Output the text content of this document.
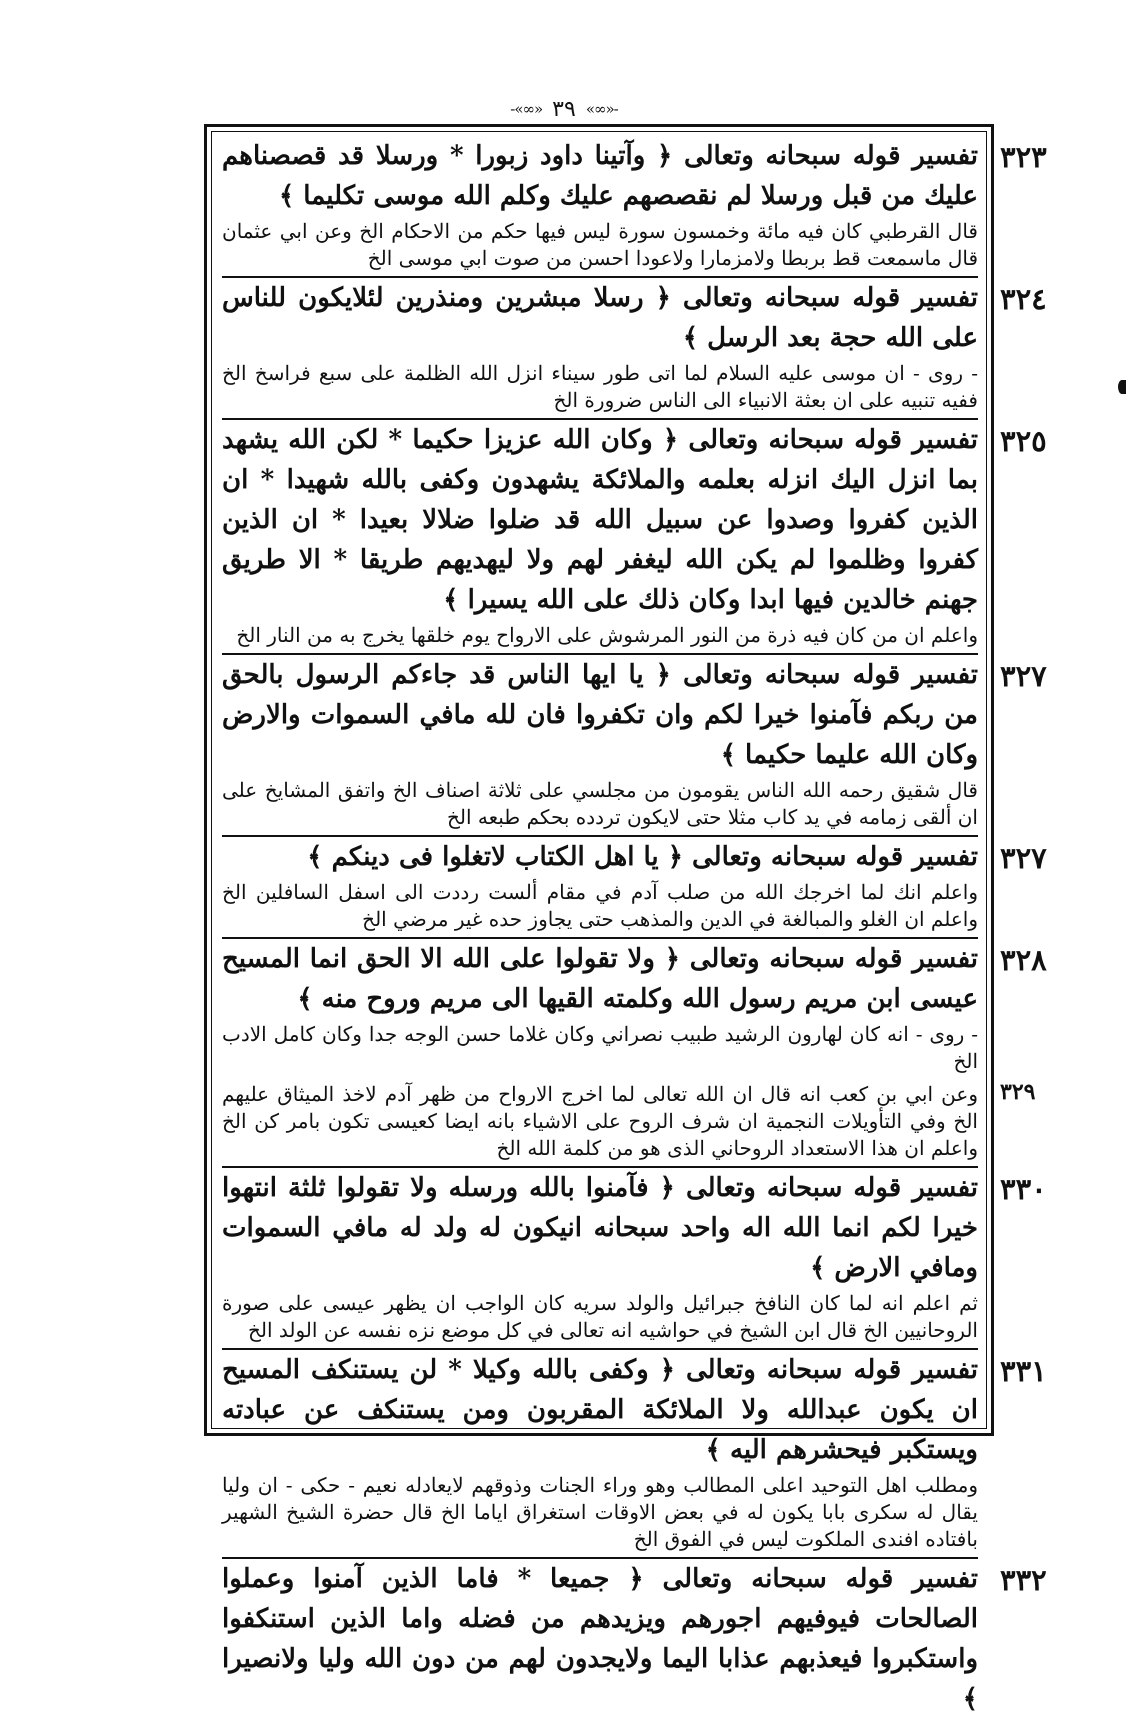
-«∞» ٣٩ «∞»-
٣٢٣

تفسير قوله سبحانه وتعالى ﴿ وآتينا داود زبورا * ورسلا قد قصصناهم عليك من قبل ورسلا لم نقصصهم عليك وكلم الله موسى تكليما ﴾

قال القرطبي كان فيه مائة وخمسون سورة ليس فيها حكم من الاحكام الخ وعن ابي عثمان قال ماسمعت قط بربطا ولامزمارا ولاعودا احسن من صوت ابي موسى الخ

٣٢٤

تفسير قوله سبحانه وتعالى ﴿ رسلا مبشرين ومنذرين لئلايكون للناس على الله حجة بعد الرسل ﴾

- روى - ان موسى عليه السلام لما اتى طور سيناء انزل الله الظلمة على سبع فراسخ الخ ففيه تنبيه على ان بعثة الانبياء الى الناس ضرورة الخ

٣٢٥

تفسير قوله سبحانه وتعالى ﴿ وكان الله عزيزا حكيما * لكن الله يشهد بما انزل اليك انزله بعلمه والملائكة يشهدون وكفى بالله شهيدا * ان الذين كفروا وصدوا عن سبيل الله قد ضلوا ضلالا بعيدا * ان الذين كفروا وظلموا لم يكن الله ليغفر لهم ولا ليهديهم طريقا * الا طريق جهنم خالدين فيها ابدا وكان ذلك على الله يسيرا ﴾

واعلم ان من كان فيه ذرة من النور المرشوش على الارواح يوم خلقها يخرج به من النار الخ

٣٢٧

تفسير قوله سبحانه وتعالى ﴿ يا ايها الناس قد جاءكم الرسول بالحق من ربكم فآمنوا خيرا لكم وان تكفروا فان لله مافي السموات والارض وكان الله عليما حكيما ﴾

قال شقيق رحمه الله الناس يقومون من مجلسي على ثلاثة اصناف الخ واتفق المشايخ على ان ألقى زمامه في يد كاب مثلا حتى لايكون تردده بحكم طبعه الخ

٣٢٧

تفسير قوله سبحانه وتعالى ﴿ يا اهل الكتاب لاتغلوا فى دينكم ﴾

واعلم انك لما اخرجك الله من صلب آدم في مقام ألست رددت الى اسفل السافلين الخ واعلم ان الغلو والمبالغة في الدين والمذهب حتى يجاوز حده غير مرضي الخ

٣٢٨

تفسير قوله سبحانه وتعالى ﴿ ولا تقولوا على الله الا الحق انما المسيح عيسى ابن مريم رسول الله وكلمته القيها الى مريم وروح منه ﴾

- روى - انه كان لهارون الرشيد طبيب نصراني وكان غلاما حسن الوجه جدا وكان كامل الادب الخ

٣٢٩

وعن ابي بن كعب انه قال ان الله تعالى لما اخرج الارواح من ظهر آدم لاخذ الميثاق عليهم الخ وفي التأويلات النجمية ان شرف الروح على الاشياء بانه ايضا كعيسى تكون بامر كن الخ واعلم ان هذا الاستعداد الروحاني الذى هو من كلمة الله الخ

٣٣٠

تفسير قوله سبحانه وتعالى ﴿ فآمنوا بالله ورسله ولا تقولوا ثلثة انتهوا خيرا لكم انما الله اله واحد سبحانه انيكون له ولد له مافي السموات ومافي الارض ﴾

ثم اعلم انه لما كان النافخ جبرائيل والولد سريه كان الواجب ان يظهر عيسى على صورة الروحانيين الخ قال ابن الشيخ في حواشيه انه تعالى في كل موضع نزه نفسه عن الولد الخ

٣٣١

تفسير قوله سبحانه وتعالى ﴿ وكفى بالله وكيلا * لن يستنكف المسيح ان يكون عبدالله ولا الملائكة المقربون ومن يستنكف عن عبادته ويستكبر فيحشرهم اليه ﴾

ومطلب اهل التوحيد اعلى المطالب وهو وراء الجنات وذوقهم لايعادله نعيم - حكى - ان وليا يقال له سكرى بابا يكون له في بعض الاوقات استغراق اياما الخ قال حضرة الشيخ الشهير بافتاده افندى الملكوت ليس في الفوق الخ

٣٣٢

تفسير قوله سبحانه وتعالى ﴿ جميعا * فاما الذين آمنوا وعملوا الصالحات فيوفيهم اجورهم ويزيدهم من فضله واما الذين استنكفوا واستكبروا فيعذبهم عذابا اليما ولايجدون لهم من دون الله وليا ولانصيرا ﴾
